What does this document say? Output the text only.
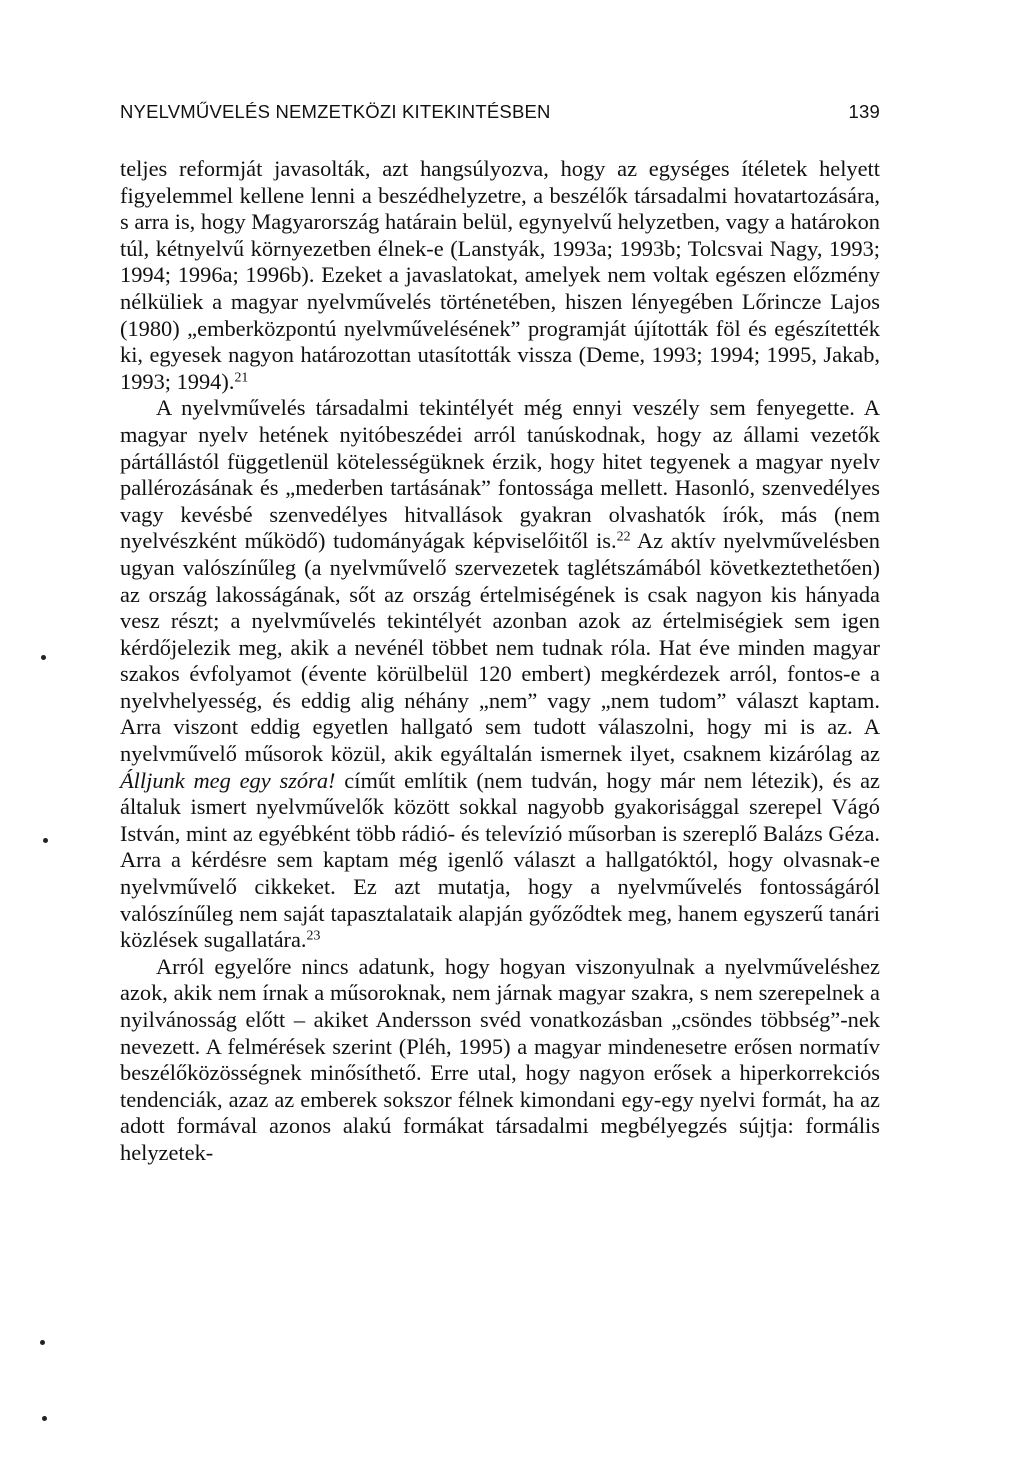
NYELVMŰVELÉS NEMZETKÖZI KITEKINTÉSBEN	139

teljes reformját javasolták, azt hangsúlyozva, hogy az egységes ítéletek helyett figyelemmel kellene lenni a beszédhelyzetre, a beszélők társadalmi hovatartozására, s arra is, hogy Magyarország határain belül, egynyelvű helyzetben, vagy a határokon túl, kétnyelvű környezetben élnek-e (Lanstyák, 1993a; 1993b; Tolcsvai Nagy, 1993; 1994; 1996a; 1996b). Ezeket a javaslatokat, amelyek nem voltak egészen előzmény nélküliek a magyar nyelvművelés történetében, hiszen lényegében Lőrincze Lajos (1980) „emberközpontú nyelvművelésének” programját újították föl és egészítették ki, egyesek nagyon határozottan utasították vissza (Deme, 1993; 1994; 1995, Jakab, 1993; 1994).$^{21}$

A nyelvművelés társadalmi tekintélyét még ennyi veszély sem fenyegette. A magyar nyelv hetének nyitóbeszédei arról tanúskodnak, hogy az állami vezetők pártállástól függetlenül kötelességüknek érzik, hogy hitet tegyenek a magyar nyelv pallérozásának és „mederben tartásának” fontossága mellett. Hasonló, szenvedélyes vagy kevésbé szenvedélyes hitvallások gyakran olvashatók írók, más (nem nyelvészként működő) tudományágak képviselőitől is.$^{22}$ Az aktív nyelvművelésben ugyan valószínűleg (a nyelvművelő szervezetek taglétszámából következtethetően) az ország lakosságának, sőt az ország értelmiségének is csak nagyon kis hányada vesz részt; a nyelvművelés tekintélyét azonban azok az értelmiségiek sem igen kérdőjelezik meg, akik a nevénél többet nem tudnak róla. Hat éve minden magyar szakos évfolyamot (évente körülbelül 120 embert) megkérdezek arról, fontos-e a nyelvhelyesség, és eddig alig néhány „nem” vagy „nem tudom” választ kaptam. Arra viszont eddig egyetlen hallgató sem tudott válaszolni, hogy mi is az. A nyelvművelő műsorok közül, akik egyáltalán ismernek ilyet, csaknem kizárólag az Álljunk meg egy szóra! címűt említik (nem tudván, hogy már nem létezik), és az általuk ismert nyelvművelők között sokkal nagyobb gyakorisággal szerepel Vágó István, mint az egyébként több rádió- és televízió műsorban is szereplő Balázs Géza. Arra a kérdésre sem kaptam még igenlő választ a hallgatóktól, hogy olvasnak-e nyelvművelő cikkeket. Ez azt mutatja, hogy a nyelvművelés fontosságáról valószínűleg nem saját tapasztalataik alapján győződtek meg, hanem egyszerű tanári közlések sugallatára.$^{23}$

Arról egyelőre nincs adatunk, hogy hogyan viszonyulnak a nyelvműveléshez azok, akik nem írnak a műsoroknak, nem járnak magyar szakra, s nem szerepelnek a nyilvánosság előtt – akiket Andersson svéd vonatkozásban „csöndes többség”-nek nevezett. A felmérések szerint (Pléh, 1995) a magyar mindenesetre erősen normatív beszélőközösségnek minősíthető. Erre utal, hogy nagyon erősek a hiperkorrekciós tendenciák, azaz az emberek sokszor félnek kimondani egy-egy nyelvi formát, ha az adott formával azonos alakú formákat társadalmi megbélyegzés sújtja: formális helyzetek-
